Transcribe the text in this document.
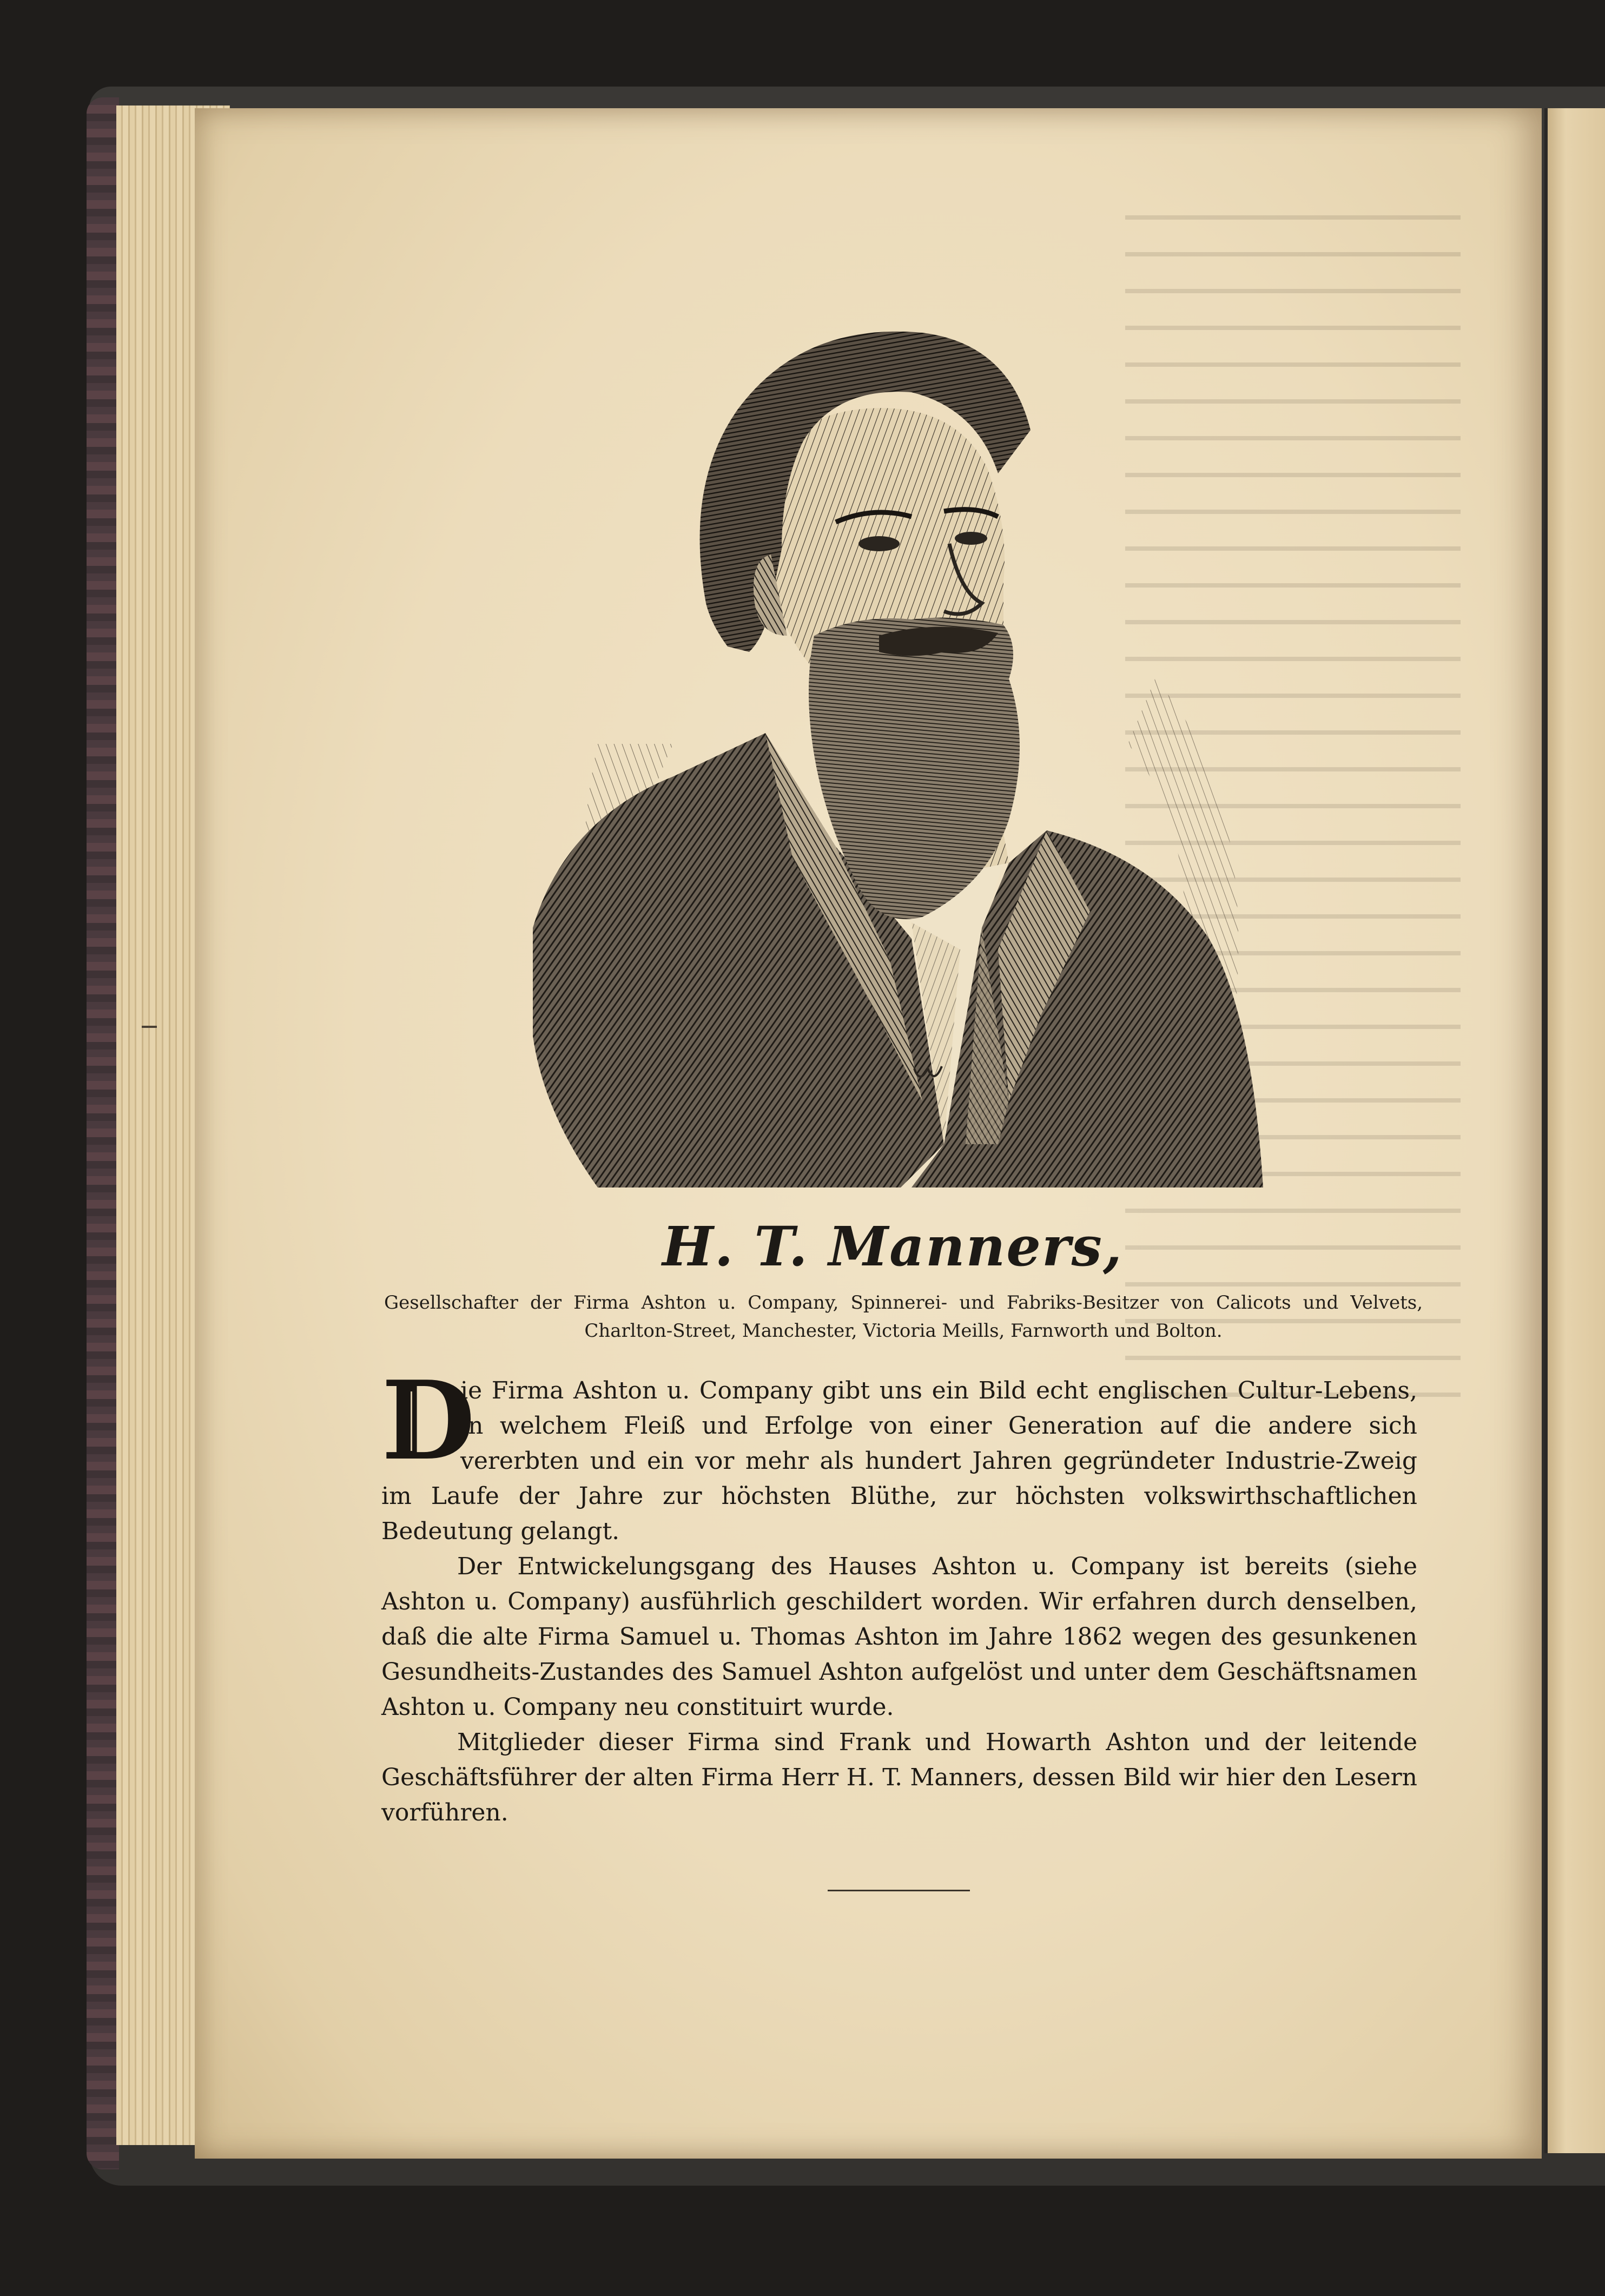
H. T. Manners,
Gesellschafter der Firma Ashton u. Company, Spinnerei- und Fabriks-Besitzer von Calicots und Velvets, Charlton-Street, Manchester, Victoria Meills, Farnworth und Bolton.

D
ie Firma Ashton u. Company gibt uns ein Bild echt englischen Cultur-Lebens, in welchem Fleiß und Erfolge von einer Generation auf die andere sich vererbten und ein vor mehr als hundert Jahren gegründeter Industrie-Zweig im Laufe der Jahre zur höchsten Blüthe, zur höchsten volkswirthschaftlichen Bedeutung gelangt.

Der Entwickelungsgang des Hauses Ashton u. Company ist bereits (siehe Ashton u. Company) ausführlich geschildert worden. Wir erfahren durch denselben, daß die alte Firma Samuel u. Thomas Ashton im Jahre 1862 wegen des gesunkenen Gesundheits-Zustandes des Samuel Ashton aufgelöst und unter dem Geschäftsnamen Ashton u. Company neu constituirt wurde.

Mitglieder dieser Firma sind Frank und Howarth Ashton und der leitende Geschäftsführer der alten Firma Herr H. T. Manners, dessen Bild wir hier den Lesern vorführen.
